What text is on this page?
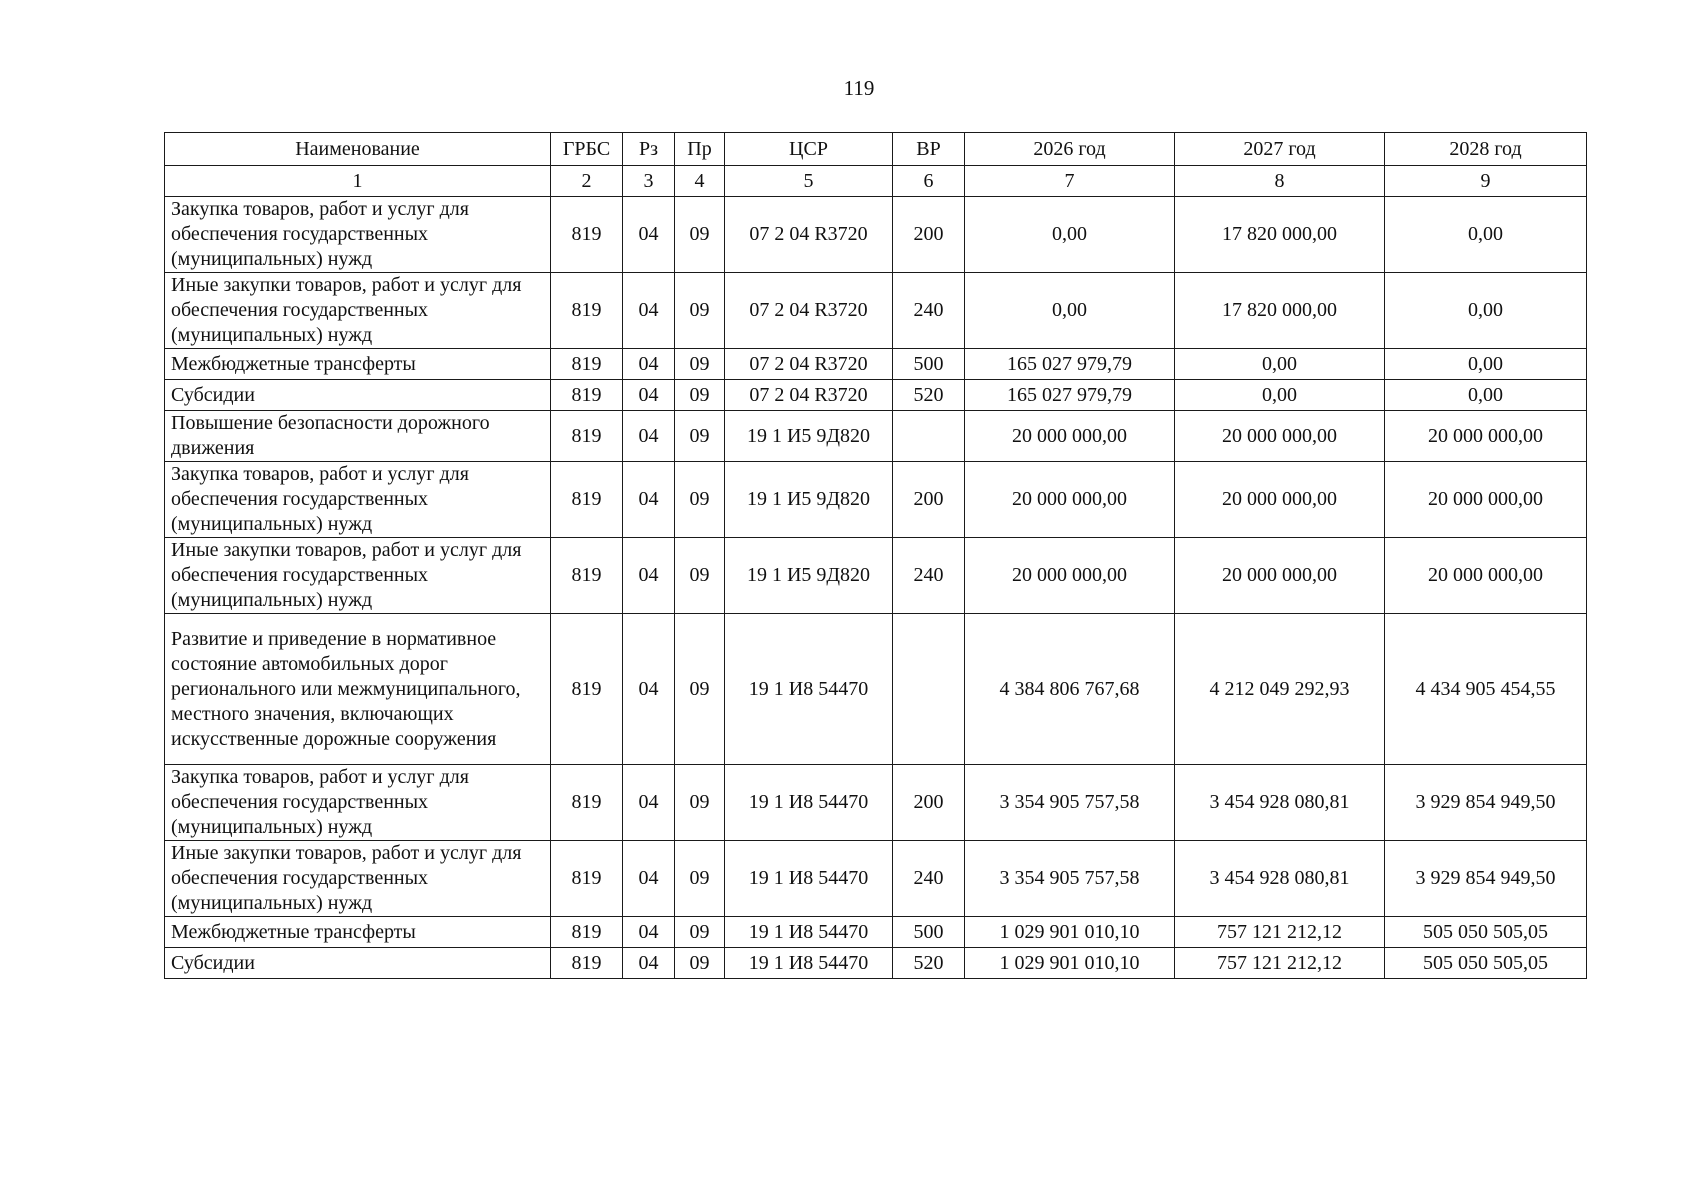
119
Наименование	ГРБС	Рз	Пр	ЦСР	ВР	2026 год	2027 год	2028 год
1	2	3	4	5	6	7	8	9
Закупка товаров, работ и услуг для обеспечения государственных (муниципальных) нужд	819	04	09	07 2 04 R3720	200	0,00	17 820 000,00	0,00
Иные закупки товаров, работ и услуг для обеспечения государственных (муниципальных) нужд	819	04	09	07 2 04 R3720	240	0,00	17 820 000,00	0,00
Межбюджетные трансферты	819	04	09	07 2 04 R3720	500	165 027 979,79	0,00	0,00
Субсидии	819	04	09	07 2 04 R3720	520	165 027 979,79	0,00	0,00
Повышение безопасности дорожного движения	819	04	09	19 1 И5 9Д820		20 000 000,00	20 000 000,00	20 000 000,00
Закупка товаров, работ и услуг для обеспечения государственных (муниципальных) нужд	819	04	09	19 1 И5 9Д820	200	20 000 000,00	20 000 000,00	20 000 000,00
Иные закупки товаров, работ и услуг для обеспечения государственных (муниципальных) нужд	819	04	09	19 1 И5 9Д820	240	20 000 000,00	20 000 000,00	20 000 000,00
Развитие и приведение в нормативное состояние автомобильных дорог регионального или межмуниципального, местного значения, включающих искусственные дорожные сооружения	819	04	09	19 1 И8 54470		4 384 806 767,68	4 212 049 292,93	4 434 905 454,55
Закупка товаров, работ и услуг для обеспечения государственных (муниципальных) нужд	819	04	09	19 1 И8 54470	200	3 354 905 757,58	3 454 928 080,81	3 929 854 949,50
Иные закупки товаров, работ и услуг для обеспечения государственных (муниципальных) нужд	819	04	09	19 1 И8 54470	240	3 354 905 757,58	3 454 928 080,81	3 929 854 949,50
Межбюджетные трансферты	819	04	09	19 1 И8 54470	500	1 029 901 010,10	757 121 212,12	505 050 505,05
Субсидии	819	04	09	19 1 И8 54470	520	1 029 901 010,10	757 121 212,12	505 050 505,05
